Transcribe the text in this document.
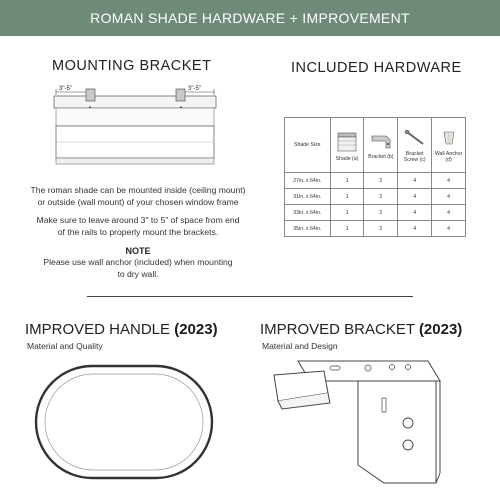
ROMAN SHADE HARDWARE + IMPROVEMENT
MOUNTING BRACKET
3"-5"	3"-5"
The roman shade can be mounted inside (ceiling mount)
or outside (wall mount) of your chosen window frame
Make sure to leave around 3" to 5" of space from end
of the rails to properly mount the brackets.
NOTE
Please use wall anchor (included) when mounting
to dry wall.
INCLUDED HARDWARE
Shade Size	Shade (a)	Bracket (b)	Bracket Screw (c)	Wall Anchor (d)
27in. x 64in.	1	2	4	4
31in. x 64in.	1	2	4	4
33in. x 64in.	1	2	4	4
35in. x 64in.	1	2	4	4
IMPROVED HANDLE (2023)
Material and Quality
IMPROVED BRACKET (2023)
Material and Design
